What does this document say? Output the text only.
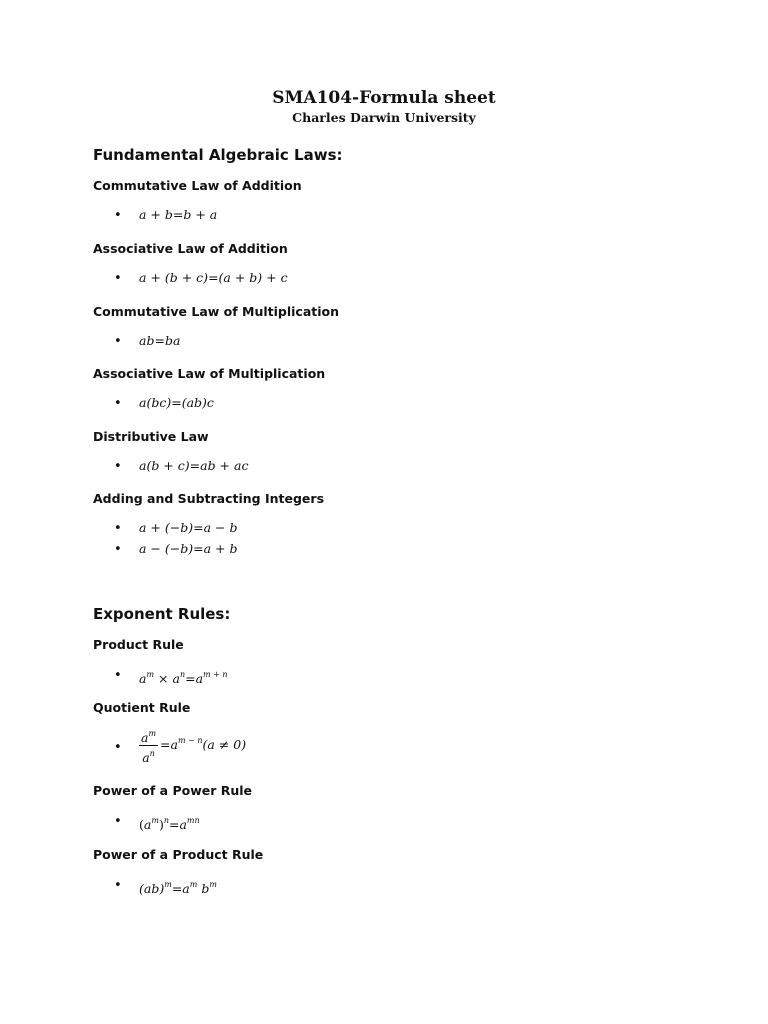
SMA104-Formula sheet
Charles Darwin University
Fundamental Algebraic Laws:
Commutative Law of Addition
•
a + b=b + a
Associative Law of Addition
•
a + (b + c)=(a + b) + c
Commutative Law of Multiplication
•
ab=ba
Associative Law of Multiplication
•
a(bc)=(ab)c
Distributive Law
•
a(b + c)=ab + ac
Adding and Subtracting Integers
•
a + (−b)=a − b
•
a − (−b)=a + b
Exponent Rules:
Product Rule
•
$a^m \times a^n=a^{m + n}$
Quotient Rule
•
$\frac{a^m}{a^n} =a^{m - n}(a \ne 0)$
Power of a Power Rule
•
$(a^m)^n=a^{mn}$
Power of a Product Rule
•
$(ab)^m=a^m$ $b^m$
